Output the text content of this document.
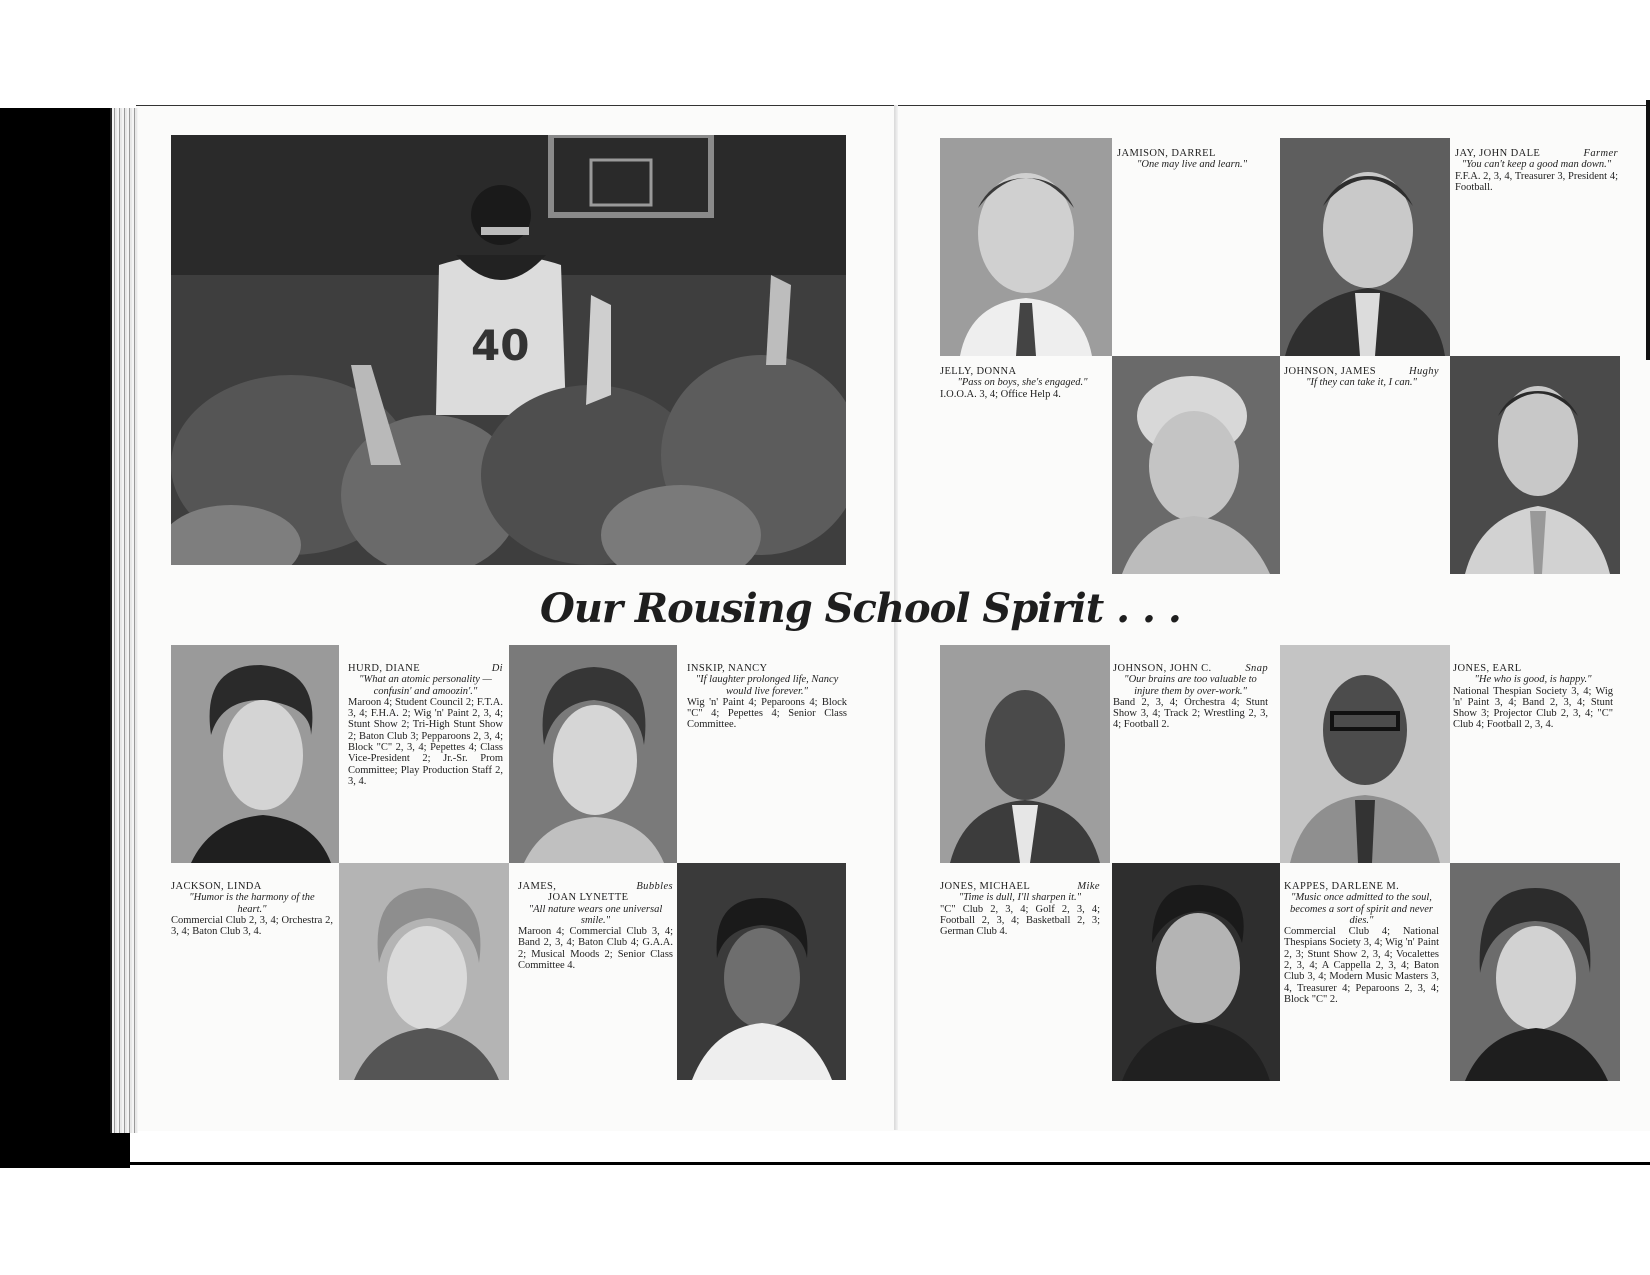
40
Our Rousing School Spirit . . .
JAMISON, DARREL
"One may live and learn."
JAY, JOHN DALE	Farmer
"You can't keep a good man down."
F.F.A. 2, 3, 4, Treasurer 3, President 4; Football.
JELLY, DONNA
"Pass on boys, she's engaged."
I.O.O.A. 3, 4; Office Help 4.
JOHNSON, JAMES	Hughy
"If they can take it, I can."
HURD, DIANE	Di
"What an atomic personality —confusin' and amoozin'."
Maroon 4; Student Council 2; F.T.A. 3, 4; F.H.A. 2; Wig 'n' Paint 2, 3, 4; Stunt Show 2; Tri-High Stunt Show 2; Baton Club 3; Pepparoons 2, 3, 4; Block "C" 2, 3, 4; Pepettes 4; Class Vice-President 2; Jr.-Sr. Prom Committee; Play Production Staff 2, 3, 4.
INSKIP, NANCY
"If laughter prolonged life, Nancy would live forever."
Wig 'n' Paint 4; Peparoons 4; Block "C" 4; Pepettes 4; Senior Class Committee.
JACKSON, LINDA
"Humor is the harmony of the heart."
Commercial Club 2, 3, 4; Orchestra 2, 3, 4; Baton Club 3, 4.
JAMES,	Bubbles
JOAN LYNETTE
"All nature wears one universal smile."
Maroon 4; Commercial Club 3, 4; Band 2, 3, 4; Baton Club 4; G.A.A. 2; Musical Moods 2; Senior Class Committee 4.
JOHNSON, JOHN C.	Snap
"Our brains are too valuable to injure them by over-work."
Band 2, 3, 4; Orchestra 4; Stunt Show 3, 4; Track 2; Wrestling 2, 3, 4; Football 2.
JONES, EARL
"He who is good, is happy."
National Thespian Society 3, 4; Wig 'n' Paint 3, 4; Band 2, 3, 4; Stunt Show 3; Projector Club 2, 3, 4; "C" Club 4; Football 2, 3, 4.
JONES, MICHAEL	Mike
"Time is dull, I'll sharpen it."
"C" Club 2, 3, 4; Golf 2, 3, 4; Football 2, 3, 4; Basketball 2, 3; German Club 4.
KAPPES, DARLENE M.
"Music once admitted to the soul, becomes a sort of spirit and never dies."
Commercial Club 4; National Thespians Society 3, 4; Wig 'n' Paint 2, 3; Stunt Show 2, 3, 4; Vocalettes 2, 3, 4; A Cappella 2, 3, 4; Baton Club 3, 4; Modern Music Masters 3, 4, Treasurer 4; Peparoons 2, 3, 4; Block "C" 2.
